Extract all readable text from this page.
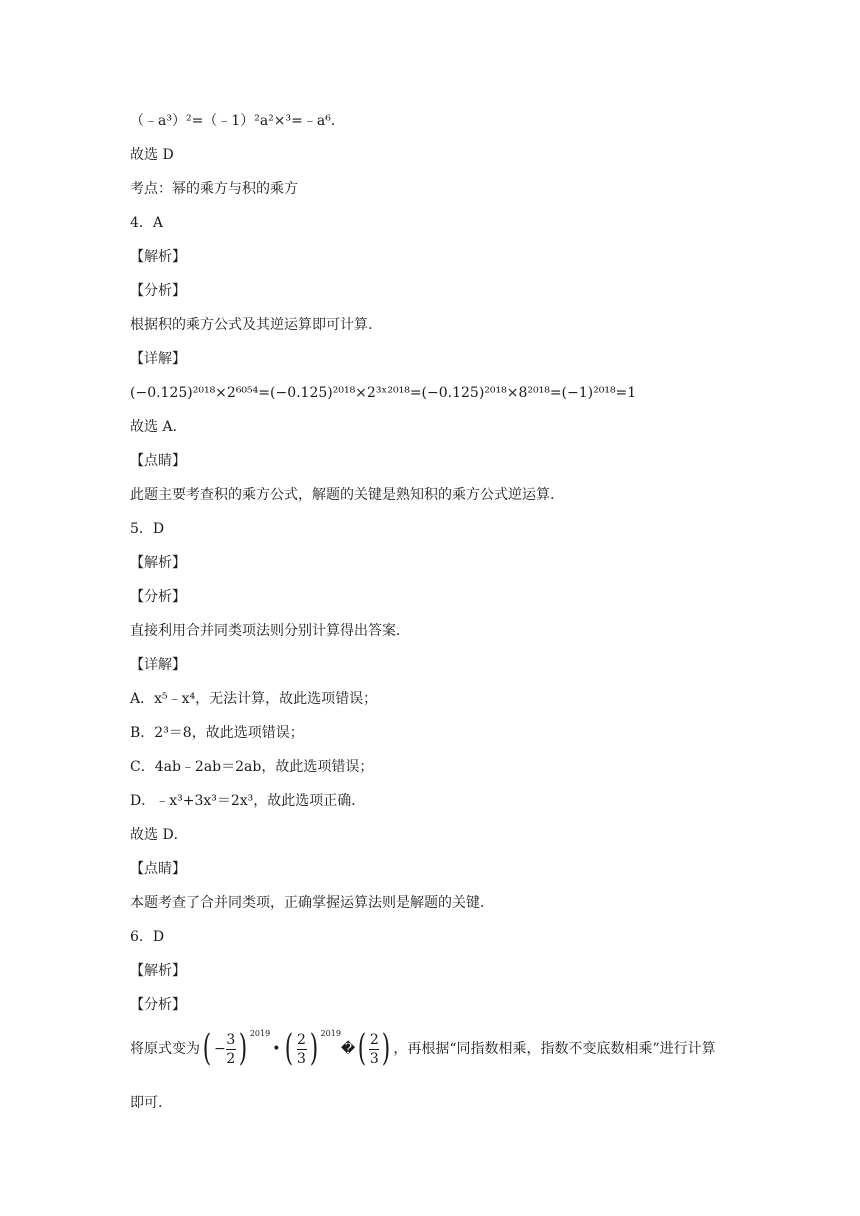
（﹣a³）²=（﹣1）²a²×³=﹣a⁶.
故选 D
考点：幂的乘方与积的乘方
4．A
【解析】
【分析】
根据积的乘方公式及其逆运算即可计算.
【详解】
(−0.125)²⁰¹⁸×2⁶⁰⁵⁴=(−0.125)²⁰¹⁸×2³ˣ²⁰¹⁸=(−0.125)²⁰¹⁸×8²⁰¹⁸=(−1)²⁰¹⁸=1
故选 A.
【点睛】
此题主要考查积的乘方公式，解题的关键是熟知积的乘方公式逆运算.
5．D
【解析】
【分析】
直接利用合并同类项法则分别计算得出答案．
【详解】
A．x⁵﹣x⁴，无法计算，故此选项错误；
B．2³＝8，故此选项错误；
C．4ab﹣2ab＝2ab，故此选项错误；
D．﹣x³+3x³＝2x³，故此选项正确．
故选 D．
【点睛】
本题考查了合并同类项，正确掌握运算法则是解题的关键．
6．D
【解析】
【分析】
将原式变为 ( − $\frac{3}{2}$ ) 2019
• ( $\frac{2}{3}$ ) 2019
� ( $\frac{2}{3}$ ) ，再根据“同指数相乘，指数不变底数相乘”进行计算
即可.
